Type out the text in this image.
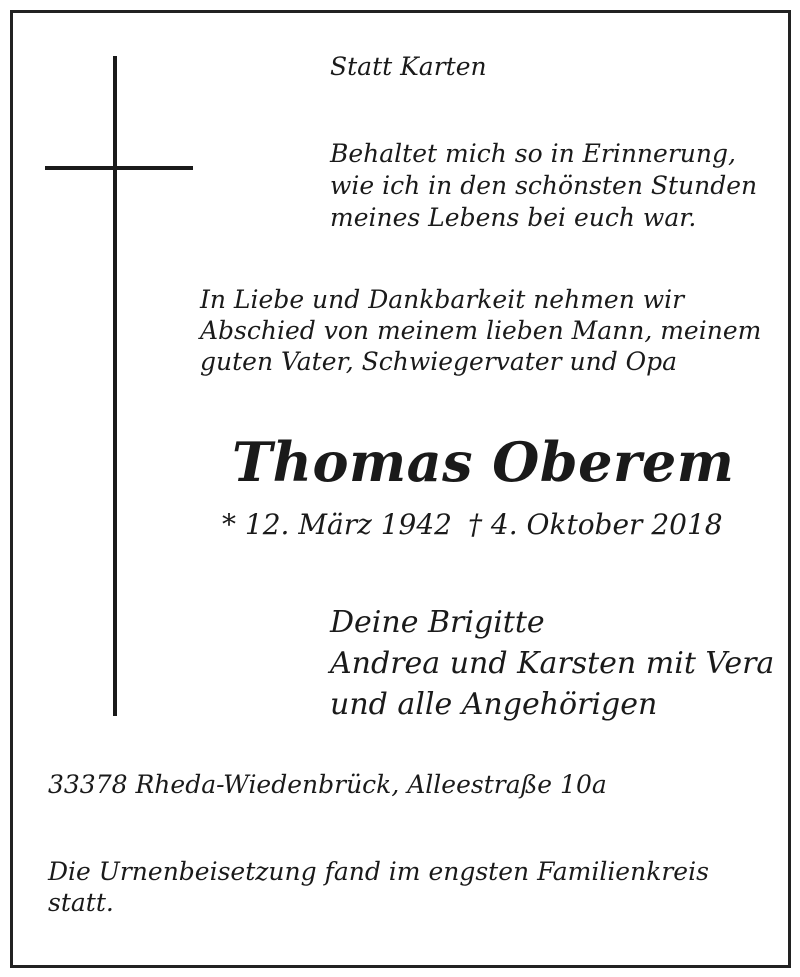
Statt Karten
Behaltet mich so in Erinnerung,
wie ich in den schönsten Stunden
meines Lebens bei euch war.
In Liebe und Dankbarkeit nehmen wir
Abschied von meinem lieben Mann, meinem
guten Vater, Schwiegervater und Opa
Thomas Oberem
* 12. März 1942 † 4. Oktober 2018
Deine Brigitte
Andrea und Karsten mit Vera
und alle Angehörigen
33378 Rheda-Wiedenbrück, Alleestraße 10a
Die Urnenbeisetzung fand im engsten Familienkreis
statt.
